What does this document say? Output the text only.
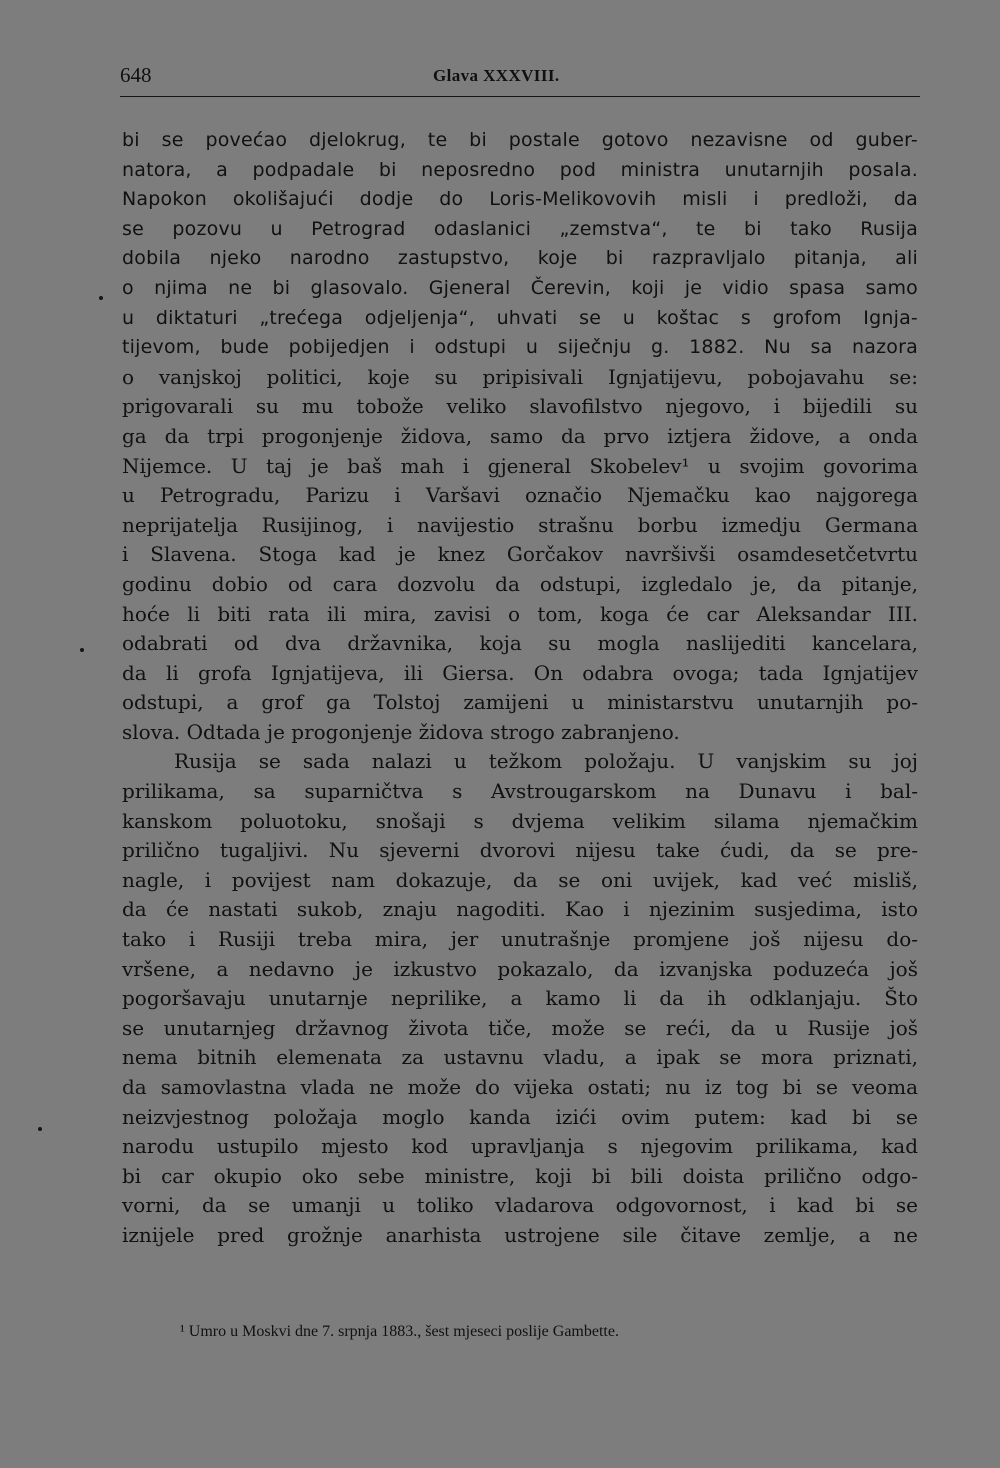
648	Glava XXXVIII.
bi se povećao djelokrug, te bi postale gotovo nezavisne od guber-
natora, a podpadale bi neposredno pod ministra unutarnjih posala.
Napokon okolišajući dodje do Loris-Melikovovih misli i predloži, da
se pozovu u Petrograd odaslanici „zemstva“, te bi tako Rusija
dobila njeko narodno zastupstvo, koje bi razpravljalo pitanja, ali
o njima ne bi glasovalo. Gjeneral Čerevin, koji je vidio spasa samo
u diktaturi „trećega odjeljenja“, uhvati se u koštac s grofom Ignja-
tijevom, bude pobijedjen i odstupi u siječnju g. 1882. Nu sa nazora
o vanjskoj politici, koje su pripisivali Ignjatijevu, pobojavahu se:
prigovarali su mu tobože veliko slavofilstvo njegovo, i bijedili su
ga da trpi progonjenje židova, samo da prvo iztjera židove, a onda
Nijemce. U taj je baš mah i gjeneral Skobelev¹ u svojim govorima
u Petrogradu, Parizu i Varšavi označio Njemačku kao najgorega
neprijatelja Rusijinog, i navijestio strašnu borbu izmedju Germana
i Slavena. Stoga kad je knez Gorčakov navršivši osamdesetčetvrtu
godinu dobio od cara dozvolu da odstupi, izgledalo je, da pitanje,
hoće li biti rata ili mira, zavisi o tom, koga će car Aleksandar III.
odabrati od dva državnika, koja su mogla naslijediti kancelara,
da li grofa Ignjatijeva, ili Giersa. On odabra ovoga; tada Ignjatijev
odstupi, a grof ga Tolstoj zamijeni u ministarstvu unutarnjih po-
slova. Odtada je progonjenje židova strogo zabranjeno.
Rusija se sada nalazi u težkom položaju. U vanjskim su joj
prilikama, sa suparničtva s Avstrougarskom na Dunavu i bal-
kanskom poluotoku, snošaji s dvjema velikim silama njemačkim
prilično tugaljivi. Nu sjeverni dvorovi nijesu take ćudi, da se pre-
nagle, i povijest nam dokazuje, da se oni uvijek, kad već misliš,
da će nastati sukob, znaju nagoditi. Kao i njezinim susjedima, isto
tako i Rusiji treba mira, jer unutrašnje promjene još nijesu do-
vršene, a nedavno je izkustvo pokazalo, da izvanjska poduzeća još
pogoršavaju unutarnje neprilike, a kamo li da ih odklanjaju. Što
se unutarnjeg državnog života tiče, može se reći, da u Rusije još
nema bitnih elemenata za ustavnu vladu, a ipak se mora priznati,
da samovlastna vlada ne može do vijeka ostati; nu iz tog bi se veoma
neizvjestnog položaja moglo kanda izići ovim putem: kad bi se
narodu ustupilo mjesto kod upravljanja s njegovim prilikama, kad
bi car okupio oko sebe ministre, koji bi bili doista prilično odgo-
vorni, da se umanji u toliko vladarova odgovornost, i kad bi se
iznijele pred grožnje anarhista ustrojene sile čitave zemlje, a ne
¹ Umro u Moskvi dne 7. srpnja 1883., šest mjeseci poslije Gambette.
